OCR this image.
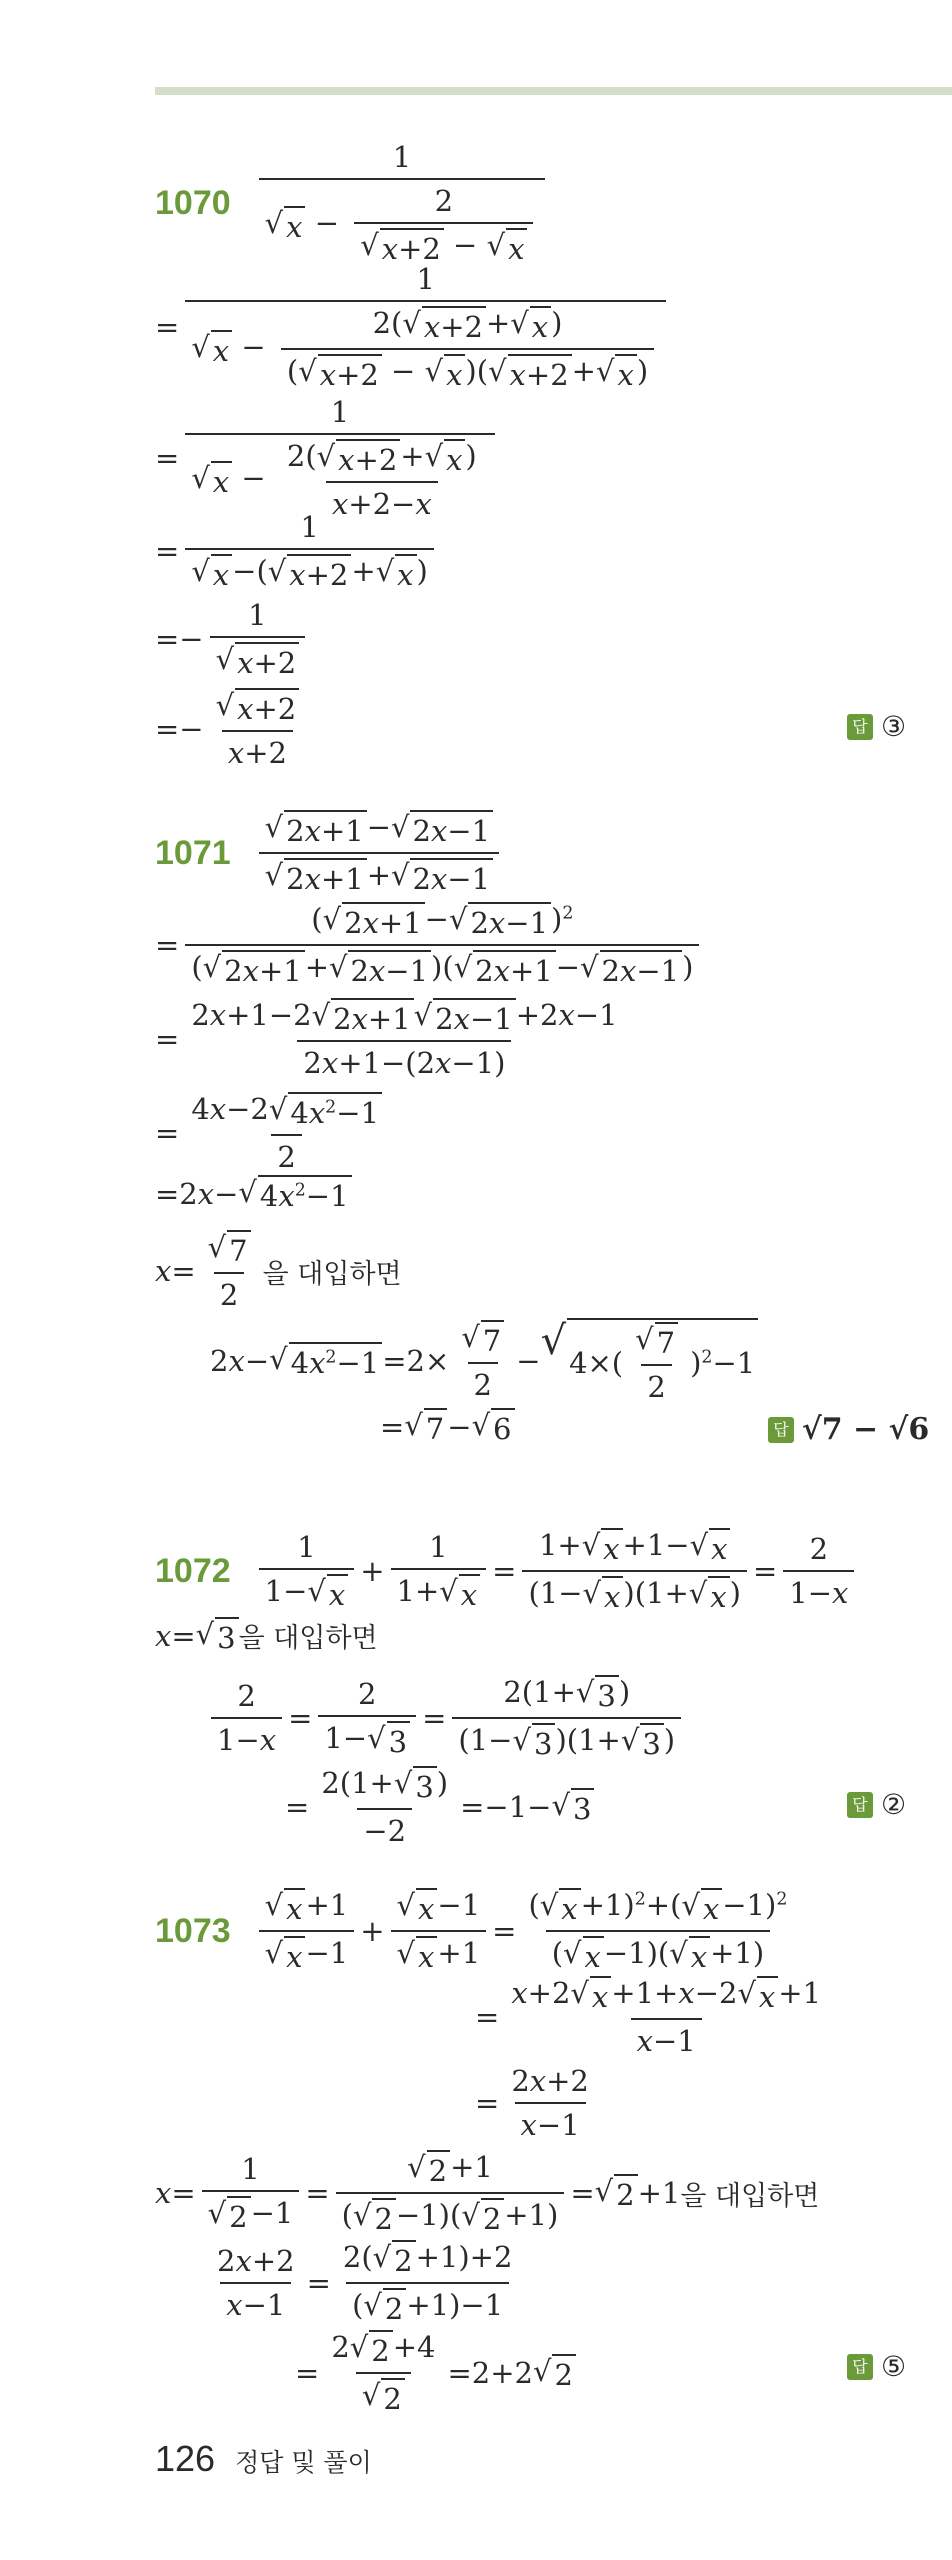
$1070 \frac{1}{√ x - \frac{2}{√ x+2 - √ x}}$
= $\frac{1}{√ x - \frac{2( √ x+2 + √ x )}{( √ x+2 - √ x )( √ x+2 + √ x )}}$
= $\frac{1}{√ x - \frac{2( √ x+2 + √ x )}{x+2-x}}$
= $\frac{1}{√ x -( √ x+2 + √ x )}$
=− $\frac{1}{√ x+2}$
=− $\frac{√ x+2}{x+2}$	답 ③
$1071 \frac{√ 2x+1 - √ 2x-1}{√ 2x+1 + √ 2x-1}$
= $\frac{( √ 2x+1 - √ 2x-1 )^2}{( √ 2x+1 + √ 2x-1 )( √ 2x+1 - √ 2x-1 )}$
= $\frac{2x+1-2 √ 2x+1 √ 2x-1 +2x-1}{2x+1-(2x-1)}$
= $\frac{4x-2 √ 4x^2-1}{2}$
=2 x − √ $4x^2-1$
$x = \frac{√ 7}{2}$ 을 대입하면
2 x − √ $4x^2-1 =2\times \frac{√ 7}{2}$ − √ $4\times( \frac{√ 7}{2} )^2-1$
= √ 7 − √ 6	답 √7 − √6
$1072 \frac{1}{1- √ x} + \frac{1}{1+ √ x} = \frac{1+ √ x +1- √ x}{(1- √ x )(1+ √ x )} = \frac{2}{1-x}$
x = √ 3 을 대입하면
$\frac{2}{1-x} = \frac{2}{1- √ 3} = \frac{2(1+ √ 3 )}{(1- √ 3 )(1+ √ 3 )}$
= $\frac{2(1+ √ 3 )}{-2} =-1-$ √ 3	답 ②
$1073 \frac{√ x +1}{√ x -1} + \frac{√ x -1}{√ x +1} = \frac{( √ x +1)^2+( √ x -1)^2}{( √ x -1)( √ x +1)}$
= $\frac{x+2 √ x +1+x-2 √ x +1}{x-1}$
= $\frac{2x+2}{x-1}$
$x = \frac{1}{√ 2 -1} = \frac{√ 2 +1}{( √ 2 -1)( √ 2 +1)}$ = √ 2 +1 을 대입하면
$\frac{2x+2}{x-1} = \frac{2( √ 2 +1)+2}{( √ 2 +1)-1}$
= $\frac{2 √ 2 +4}{√ 2} =2+2$ √ 2	답 ⑤
126 정답 및 풀이
